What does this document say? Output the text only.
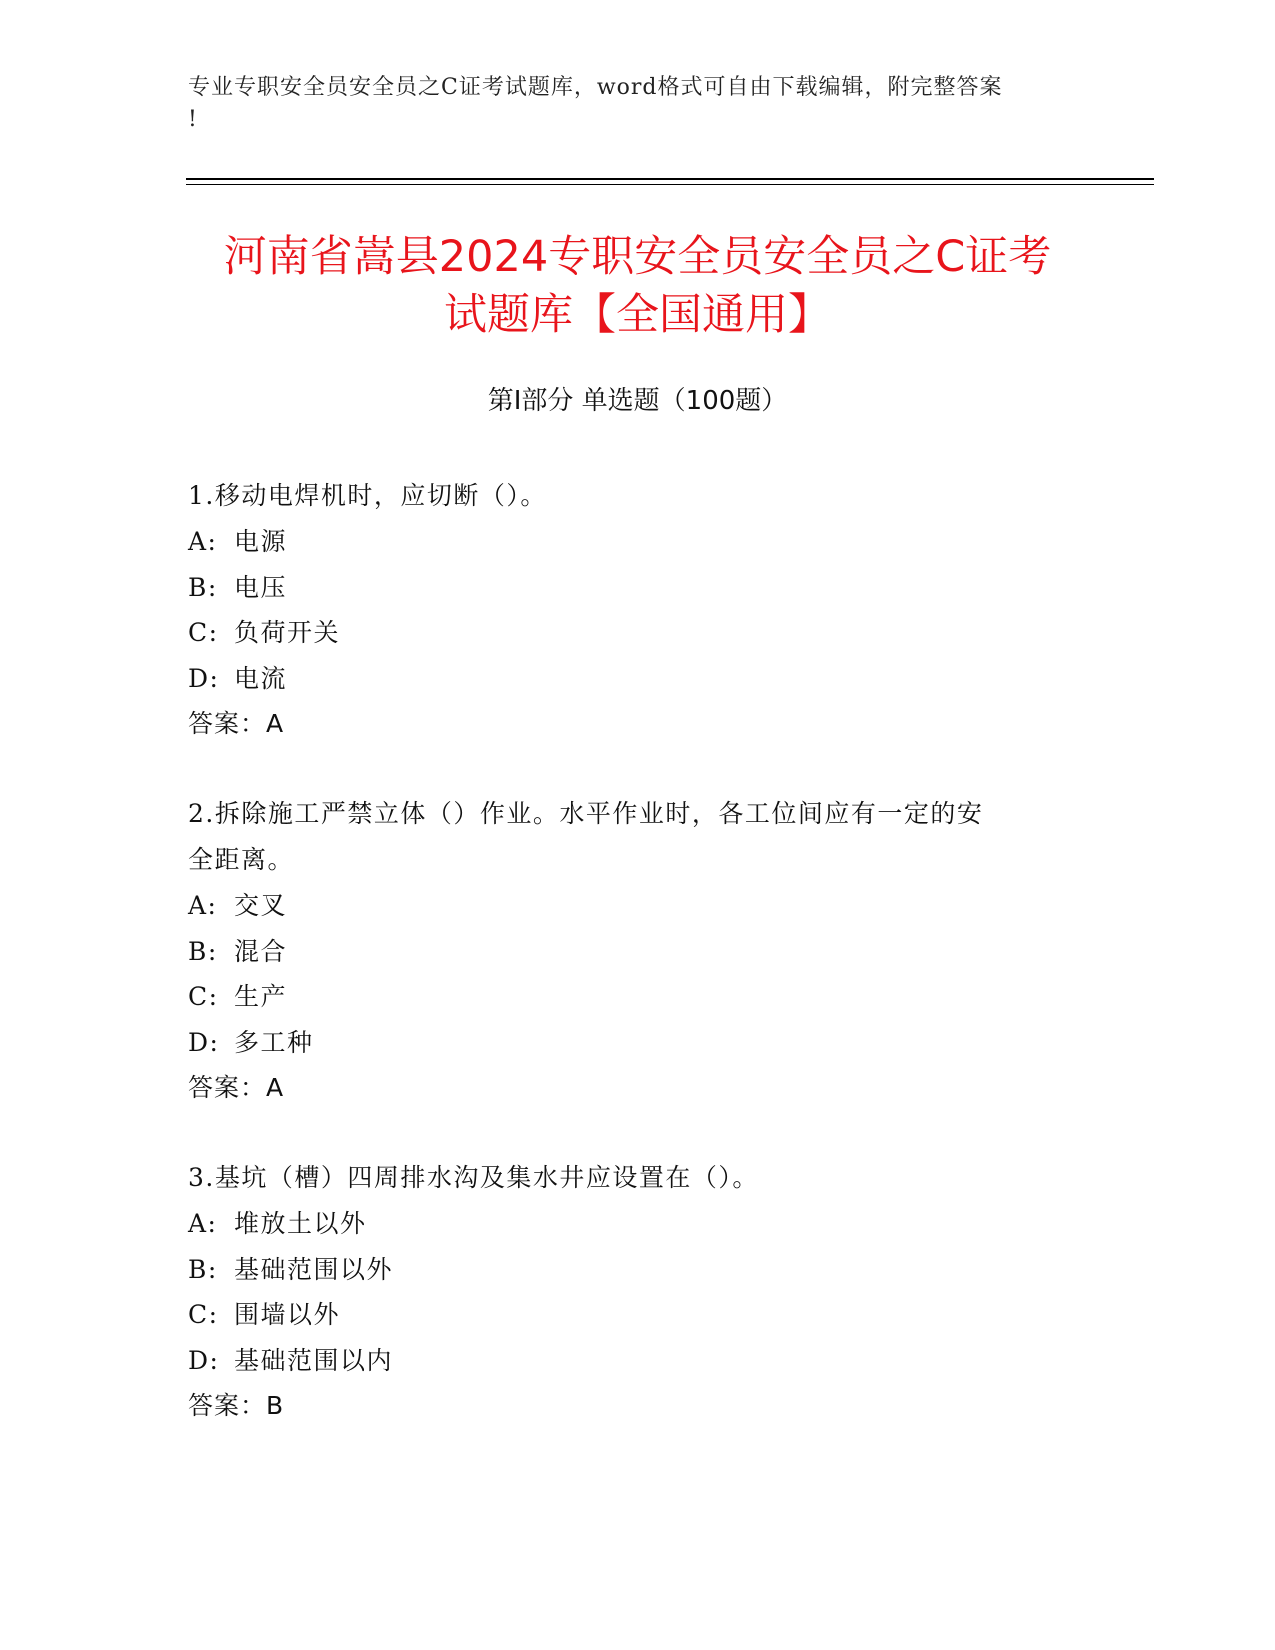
专业专职安全员安全员之C证考试题库，word格式可自由下载编辑，附完整答案
!
河南省嵩县2024专职安全员安全员之C证考
试题库【全国通用】
第Ⅰ部分 单选题（100题）

1.移动电焊机时，应切断（）。

A: 电源

B: 电压

C: 负荷开关

D: 电流

答案：A

2.拆除施工严禁立体（）作业。水平作业时，各工位间应有一定的安
全距离。

A: 交叉

B: 混合

C: 生产

D: 多工种

答案：A

3.基坑（槽）四周排水沟及集水井应设置在（）。

A: 堆放土以外

B: 基础范围以外

C: 围墙以外

D: 基础范围以内

答案：B
